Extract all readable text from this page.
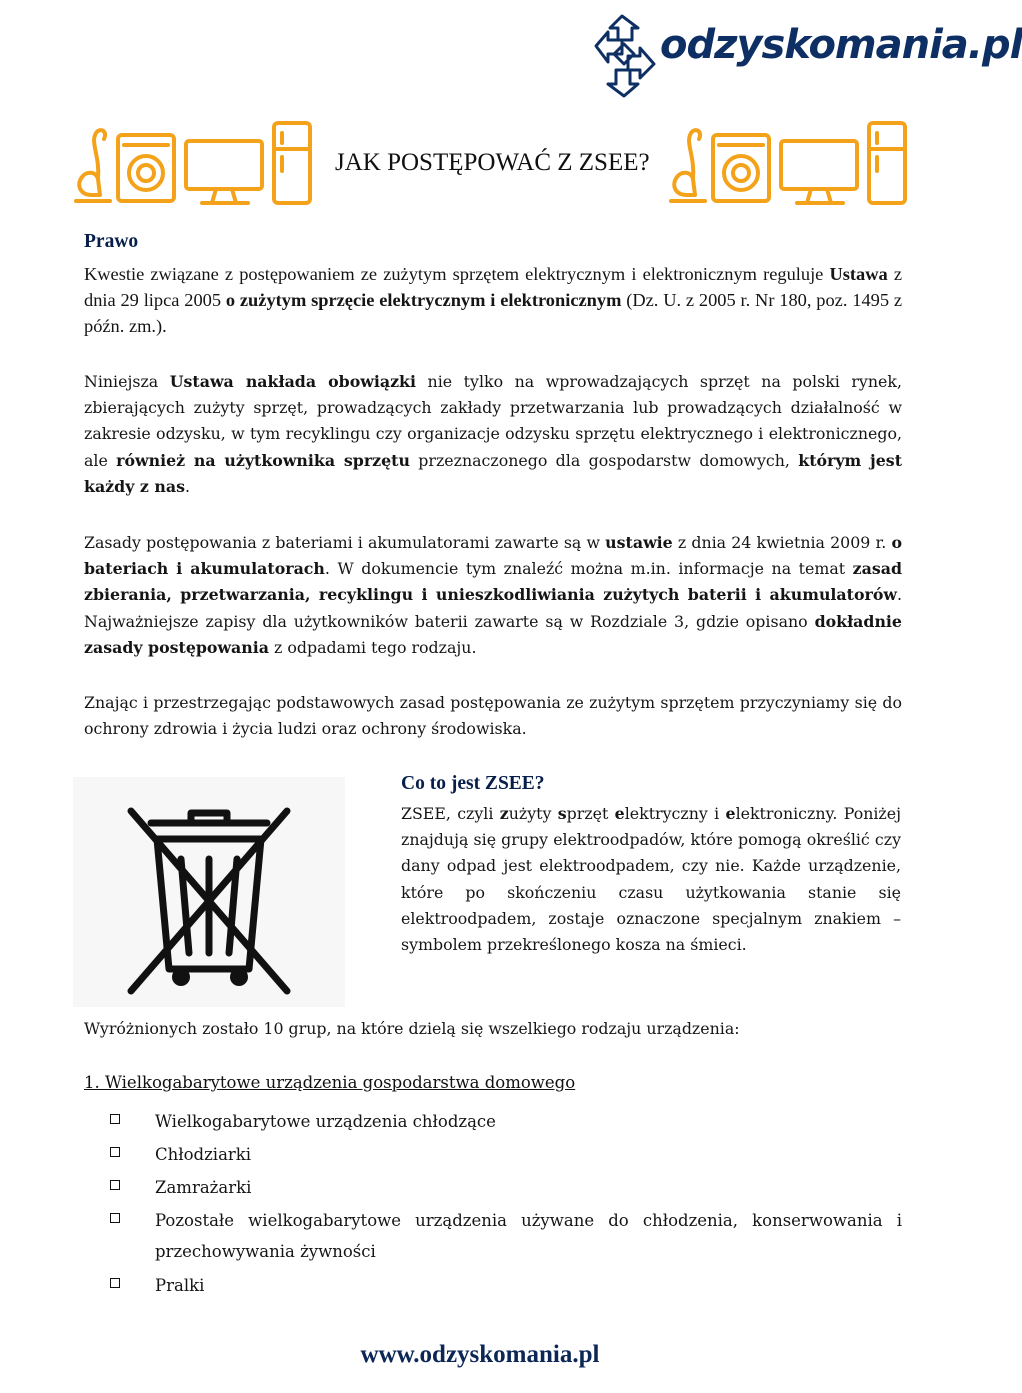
odzyskomania.pl
JAK POSTĘPOWAĆ Z ZSEE?
Prawo
Kwestie związane z postępowaniem ze zużytym sprzętem elektrycznym i elektronicznym reguluje Ustawa z dnia 29 lipca 2005 o zużytym sprzęcie elektrycznym i elektronicznym (Dz. U. z 2005 r. Nr 180, poz. 1495 z późn. zm.).
Niniejsza Ustawa nakłada obowiązki nie tylko na wprowadzających sprzęt na polski rynek, zbierających zużyty sprzęt, prowadzących zakłady przetwarzania lub prowadzących działalność w zakresie odzysku, w tym recyklingu czy organizacje odzysku sprzętu elektrycznego i elektronicznego, ale również na użytkownika sprzętu przeznaczonego dla gospodarstw domowych, którym jest każdy z nas.
Zasady postępowania z bateriami i akumulatorami zawarte są w ustawie z dnia 24 kwietnia 2009 r. o bateriach i akumulatorach. W dokumencie tym znaleźć można m.in. informacje na temat zasad zbierania, przetwarzania, recyklingu i unieszkodliwiania zużytych baterii i akumulatorów. Najważniejsze zapisy dla użytkowników baterii zawarte są w Rozdziale 3, gdzie opisano dokładnie zasady postępowania z odpadami tego rodzaju.
Znając i przestrzegając podstawowych zasad postępowania ze zużytym sprzętem przyczyniamy się do ochrony zdrowia i życia ludzi oraz ochrony środowiska.
Co to jest ZSEE?
ZSEE, czyli zużyty sprzęt elektryczny i elektroniczny. Poniżej znajdują się grupy elektroodpadów, które pomogą określić czy dany odpad jest elektroodpadem, czy nie. Każde urządzenie, które po skończeniu czasu użytkowania stanie się elektroodpadem, zostaje oznaczone specjalnym znakiem – symbolem przekreślonego kosza na śmieci.
Wyróżnionych zostało 10 grup, na które dzielą się wszelkiego rodzaju urządzenia:
1. Wielkogabarytowe urządzenia gospodarstwa domowego
Wielkogabarytowe urządzenia chłodzące
Chłodziarki
Zamrażarki
Pozostałe wielkogabarytowe urządzenia używane do chłodzenia, konserwowania i przechowywania żywności
Pralki
www.odzyskomania.pl
